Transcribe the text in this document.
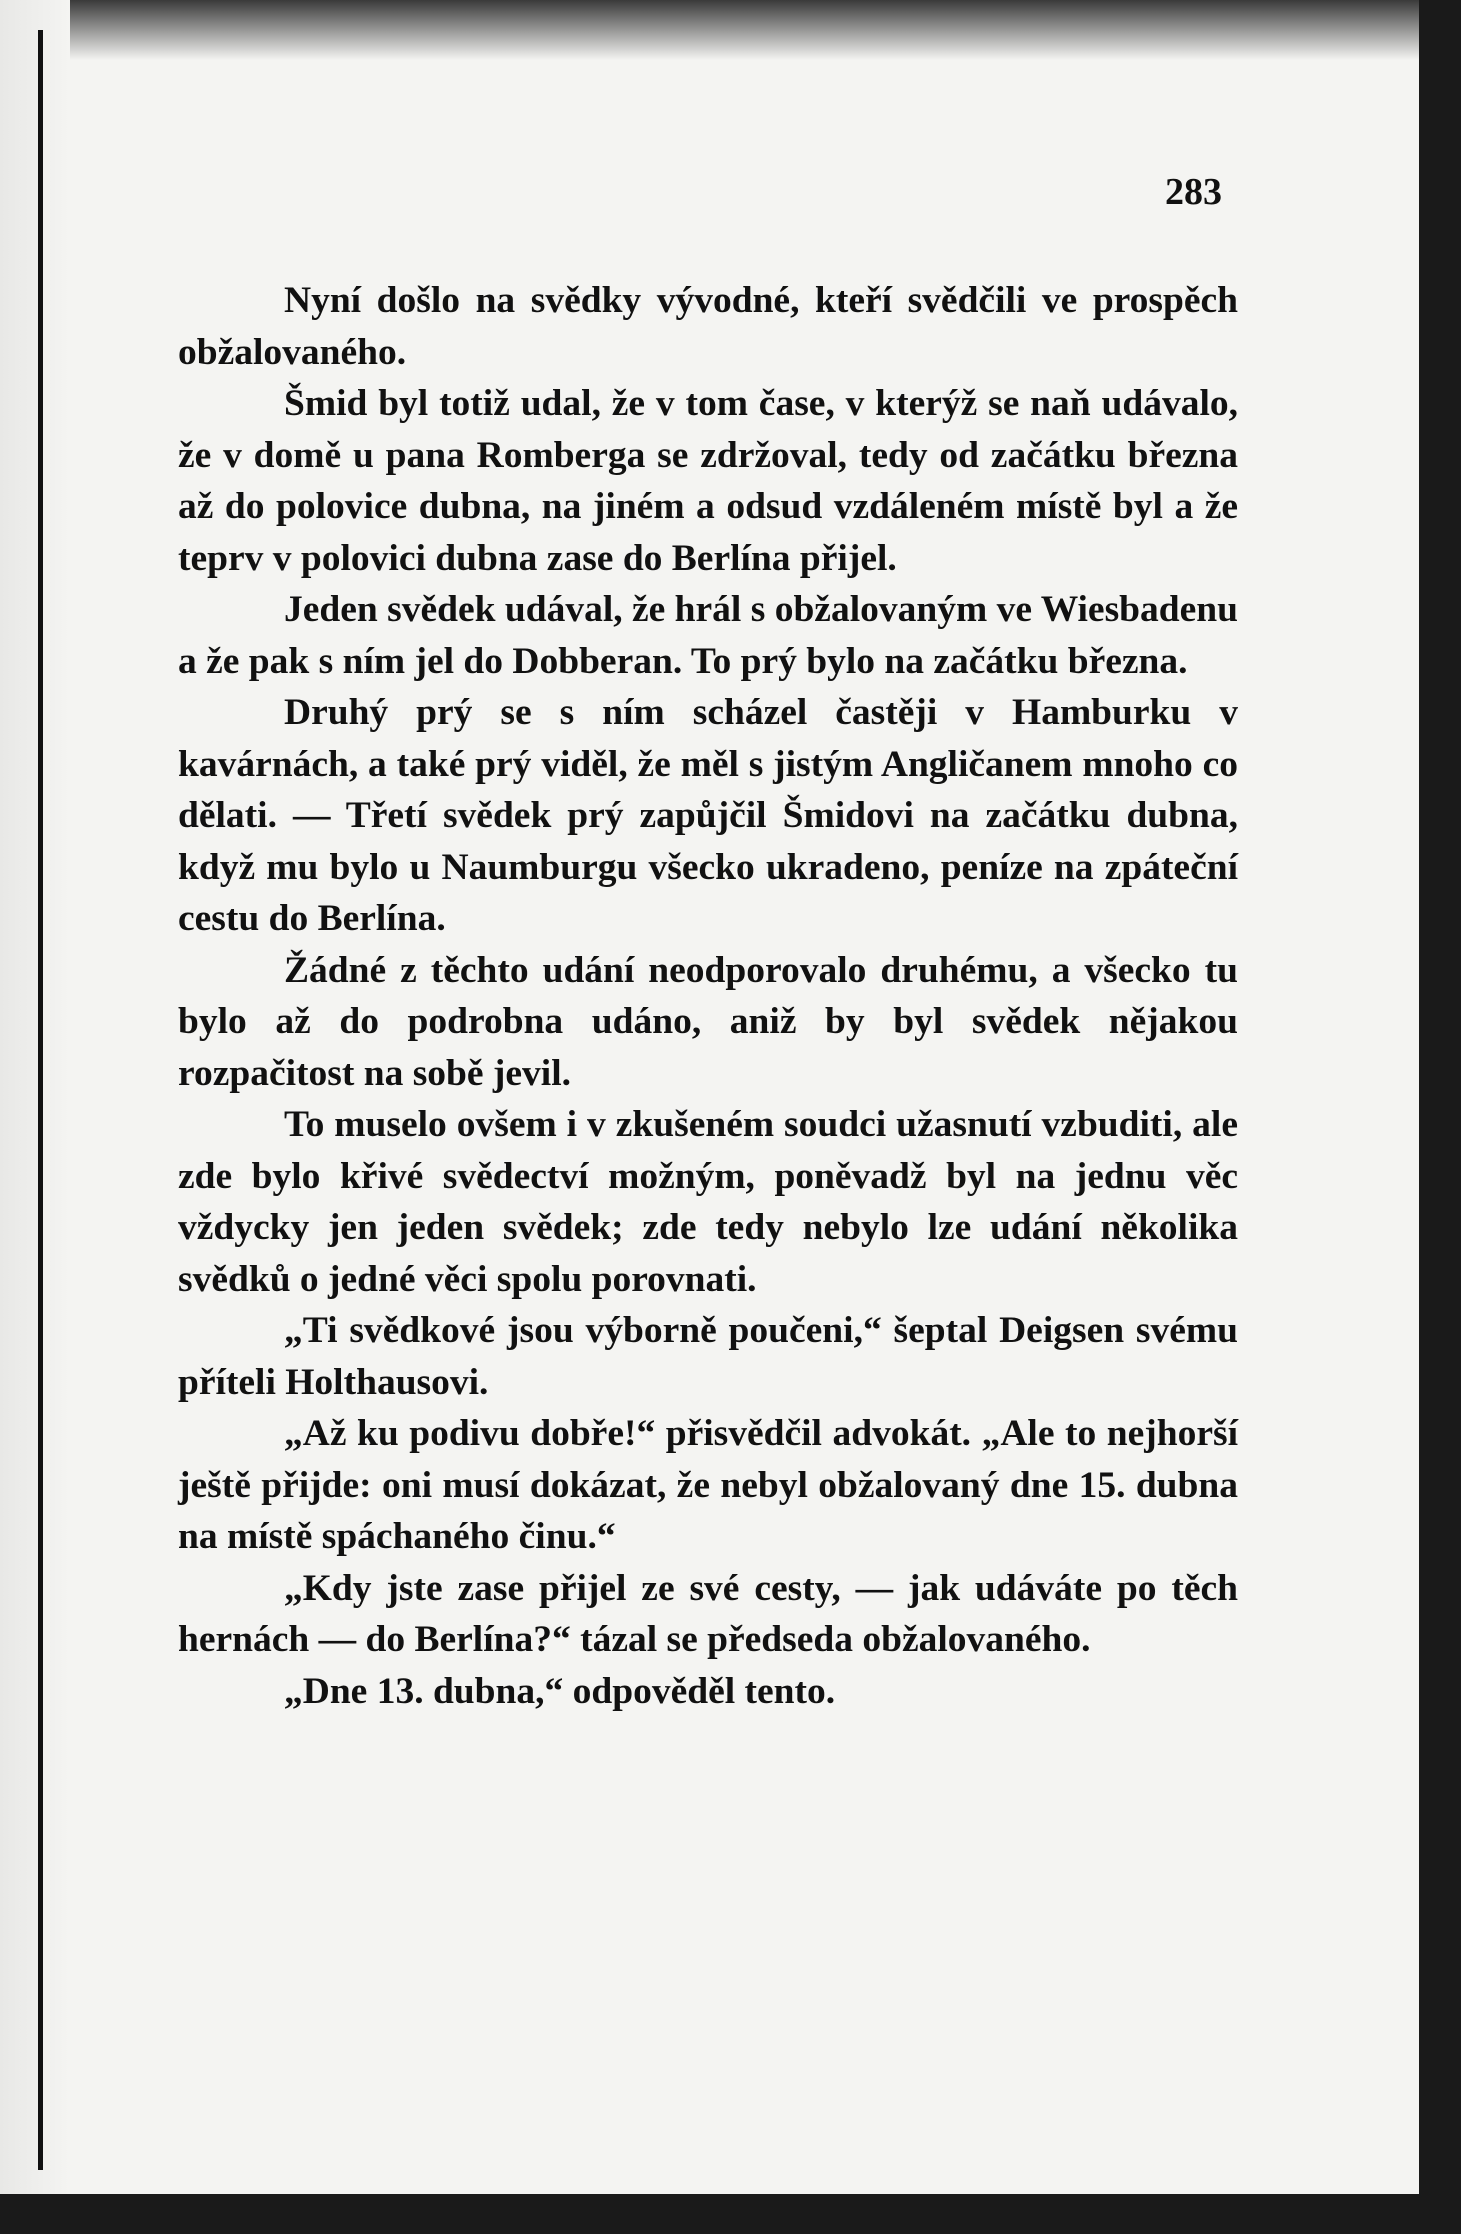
283

Nyní došlo na svědky vývodné, kteří svědčili ve prospěch obžalovaného.

Šmid byl totiž udal, že v tom čase, v kterýž se naň udávalo, že v domě u pana Romberga se zdržoval, tedy od začátku března až do polovice dubna, na jiném a odsud vzdáleném místě byl a že teprv v polovici dubna zase do Berlína přijel.

Jeden svědek udával, že hrál s obžalovaným ve Wiesbadenu a že pak s ním jel do Dobberan. To prý bylo na začátku března.

Druhý prý se s ním scházel častěji v Hamburku v kavárnách, a také prý viděl, že měl s jistým Angličanem mnoho co dělati. — Třetí svědek prý zapůjčil Šmidovi na začátku dubna, když mu bylo u Naumburgu všecko ukradeno, peníze na zpáteční cestu do Berlína.

Žádné z těchto udání neodporovalo druhému, a všecko tu bylo až do podrobna udáno, aniž by byl svědek nějakou rozpačitost na sobě jevil.

To muselo ovšem i v zkušeném soudci užasnutí vzbuditi, ale zde bylo křivé svědectví možným, poněvadž byl na jednu věc vždycky jen jeden svědek; zde tedy nebylo lze udání několika svědků o jedné věci spolu porovnati.

„Ti svědkové jsou výborně poučeni,“ šeptal Deigsen svému příteli Holthausovi.

„Až ku podivu dobře!“ přisvědčil advokát. „Ale to nejhorší ještě přijde: oni musí dokázat, že nebyl obžalovaný dne 15. dubna na místě spáchaného činu.“

„Kdy jste zase přijel ze své cesty, — jak udáváte po těch hernách — do Berlína?“ tázal se předseda obžalovaného.

„Dne 13. dubna,“ odpověděl tento.
